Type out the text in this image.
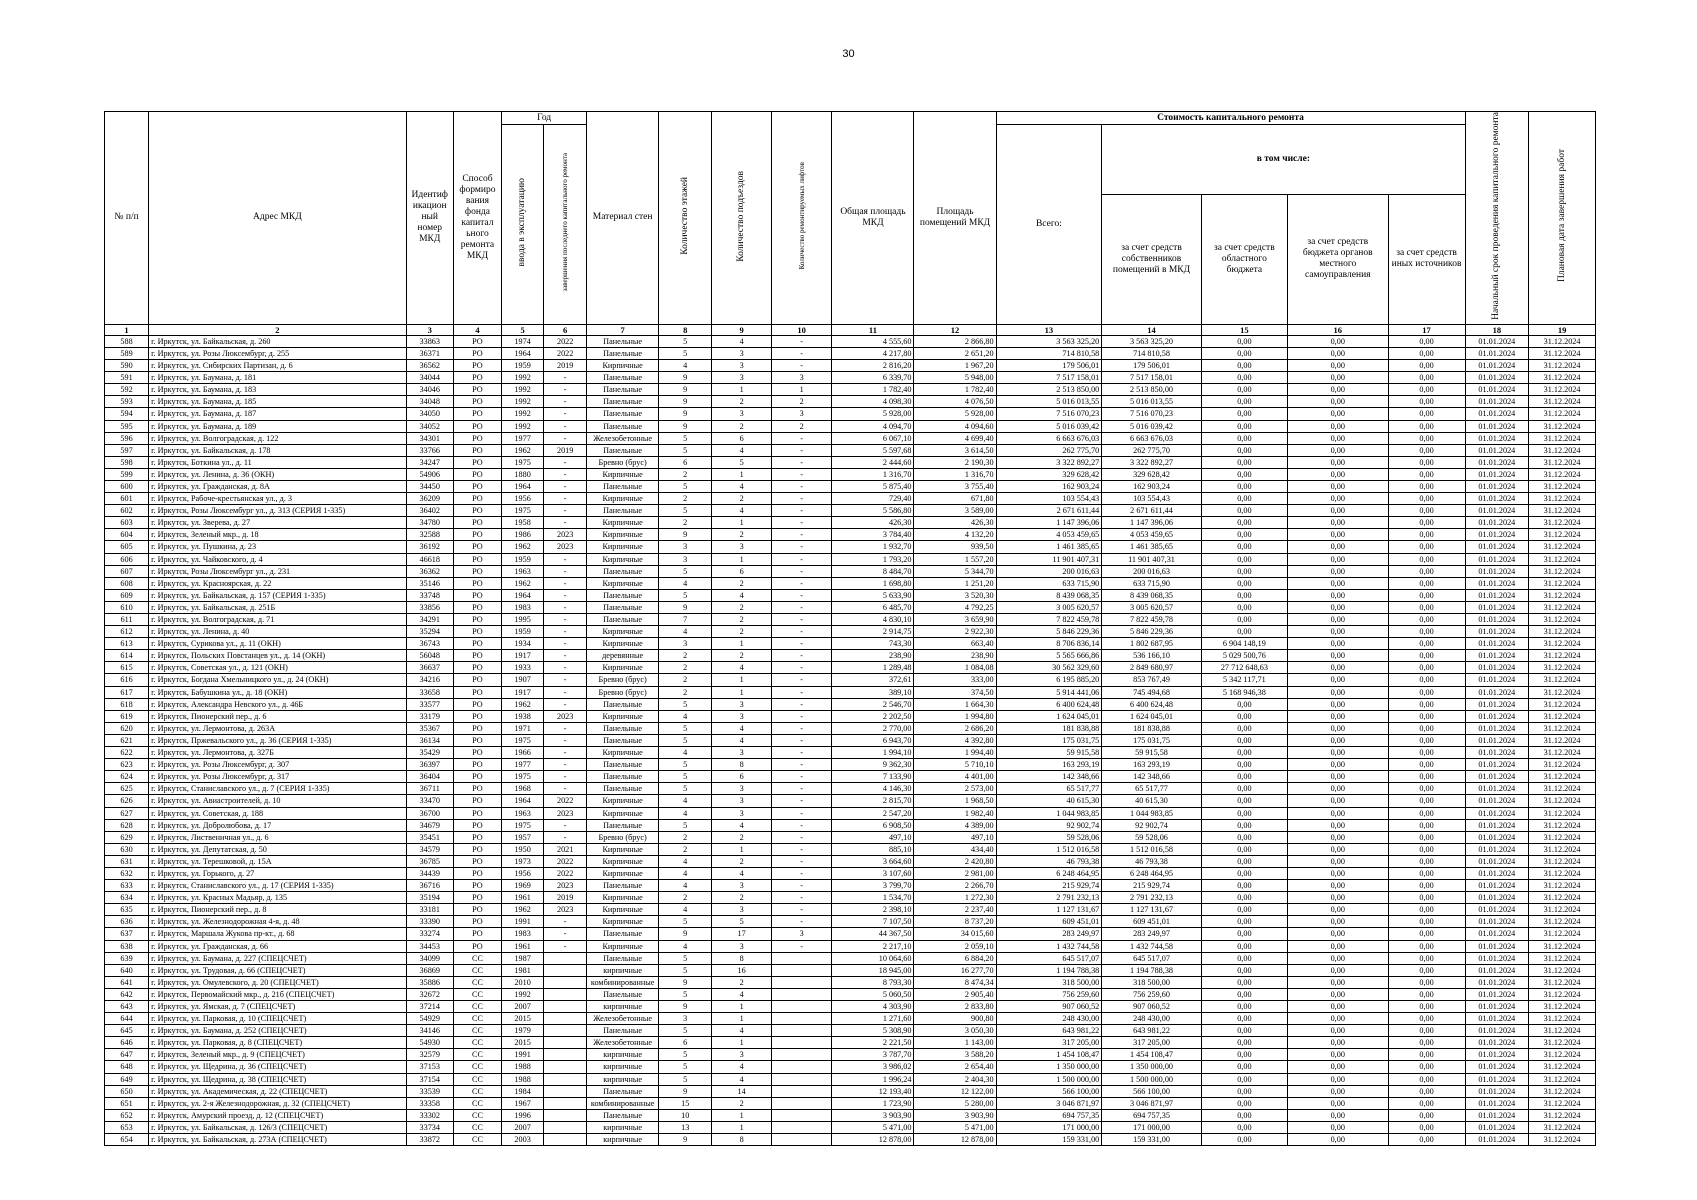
30
№ п/п	Адрес МКД	Идентиф икацион ный номер МКД	Способ формиро вания фонда капитал ьного ремонта МКД	Год		Материал стен	Количество этажей	Количество подъездов	Количество ремонтируемых лифтов	Общая площадь МКД	Площадь помещений МКД	Стоимость капитального ремонта					Начальный срок проведения капитального ремонта	Плановая дата завершения работ
				ввода в эксплуатацию	завершения последнего капитального ремонта							Всего:	в том числе:					
													за счет средств собственников помещений в МКД	за счет средств областного бюджета	за счет средств бюджета органов местного самоуправления	за счет средств иных источников		
1	2	3	4	5	6	7	8	9	10	11	12	13	14	15	16	17	18	19
588	г. Иркутск, ул. Байкальская, д. 260	33863	РО	1974	2022	Панельные	5	4	-	4 555,60	2 866,80	3 563 325,20	3 563 325,20	0,00	0,00	0,00	01.01.2024	31.12.2024
589	г. Иркутск, ул. Розы Люксембург, д. 255	36371	РО	1964	2022	Панельные	5	3	-	4 217,80	2 651,20	714 810,58	714 810,58	0,00	0,00	0,00	01.01.2024	31.12.2024
590	г. Иркутск, ул. Сибирских Партизан, д. 6	36562	РО	1959	2019	Кирпичные	4	3	-	2 816,20	1 967,20	179 506,01	179 506,01	0,00	0,00	0,00	01.01.2024	31.12.2024
591	г. Иркутск, ул. Баумана, д. 181	34044	РО	1992	-	Панельные	9	3	3	6 339,70	5 948,00	7 517 158,01	7 517 158,01	0,00	0,00	0,00	01.01.2024	31.12.2024
592	г. Иркутск, ул. Баумана, д. 183	34046	РО	1992	-	Панельные	9	1	1	1 782,40	1 782,40	2 513 850,00	2 513 850,00	0,00	0,00	0,00	01.01.2024	31.12.2024
593	г. Иркутск, ул. Баумана, д. 185	34048	РО	1992	-	Панельные	9	2	2	4 098,30	4 076,50	5 016 013,55	5 016 013,55	0,00	0,00	0,00	01.01.2024	31.12.2024
594	г. Иркутск, ул. Баумана, д. 187	34050	РО	1992	-	Панельные	9	3	3	5 928,00	5 928,00	7 516 070,23	7 516 070,23	0,00	0,00	0,00	01.01.2024	31.12.2024
595	г. Иркутск, ул. Баумана, д. 189	34052	РО	1992	-	Панельные	9	2	2	4 094,70	4 094,60	5 016 039,42	5 016 039,42	0,00	0,00	0,00	01.01.2024	31.12.2024
596	г. Иркутск, ул. Волгоградская, д. 122	34301	РО	1977	-	Железобетонные	5	6	-	6 067,10	4 699,40	6 663 676,03	6 663 676,03	0,00	0,00	0,00	01.01.2024	31.12.2024
597	г. Иркутск, ул. Байкальская, д. 178	33766	РО	1962	2019	Панельные	5	4	-	5 597,68	3 614,50	262 775,70	262 775,70	0,00	0,00	0,00	01.01.2024	31.12.2024
598	г. Иркутск, Боткина ул., д. 11	34247	РО	1975	-	Бревно (брус)	6	5	-	2 444,60	2 190,30	3 322 892,27	3 322 892,27	0,00	0,00	0,00	01.01.2024	31.12.2024
599	г. Иркутск, ул. Ленина, д. 36 (ОКН)	54906	РО	1880	-	Кирпичные	2	1	-	1 316,70	1 316,70	329 628,42	329 628,42	0,00	0,00	0,00	01.01.2024	31.12.2024
600	г. Иркутск, ул. Гражданская, д. 8А	34450	РО	1964	-	Панельные	5	4	-	5 875,40	3 755,40	162 903,24	162 903,24	0,00	0,00	0,00	01.01.2024	31.12.2024
601	г. Иркутск, Рабоче-крестьянская ул., д. 3	36209	РО	1956	-	Кирпичные	2	2	-	729,40	671,80	103 554,43	103 554,43	0,00	0,00	0,00	01.01.2024	31.12.2024
602	г. Иркутск, Розы Люксембург ул., д. 313 (СЕРИЯ 1-335)	36402	РО	1975	-	Панельные	5	4	-	5 586,80	3 589,00	2 671 611,44	2 671 611,44	0,00	0,00	0,00	01.01.2024	31.12.2024
603	г. Иркутск, ул. Зверева, д. 27	34780	РО	1958	-	Кирпичные	2	1	-	426,30	426,30	1 147 396,06	1 147 396,06	0,00	0,00	0,00	01.01.2024	31.12.2024
604	г. Иркутск, Зеленый мкр., д. 18	32588	РО	1986	2023	Кирпичные	9	2	-	3 784,40	4 132,20	4 053 459,65	4 053 459,65	0,00	0,00	0,00	01.01.2024	31.12.2024
605	г. Иркутск, ул. Пушкина, д. 23	36192	РО	1962	2023	Кирпичные	3	3	-	1 932,70	939,50	1 461 385,65	1 461 385,65	0,00	0,00	0,00	01.01.2024	31.12.2024
606	г. Иркутск, ул. Чайковского, д. 4	46618	РО	1959	-	Кирпичные	3	1	-	1 793,20	1 557,20	11 901 407,31	11 901 407,31	0,00	0,00	0,00	01.01.2024	31.12.2024
607	г. Иркутск, Розы Люксембург ул., д. 231	36362	РО	1963	-	Панельные	5	6	-	8 484,70	5 344,70	200 016,63	200 016,63	0,00	0,00	0,00	01.01.2024	31.12.2024
608	г. Иркутск, ул. Красноярская, д. 22	35146	РО	1962	-	Кирпичные	4	2	-	1 698,80	1 251,20	633 715,90	633 715,90	0,00	0,00	0,00	01.01.2024	31.12.2024
609	г. Иркутск, ул. Байкальская, д. 157 (СЕРИЯ 1-335)	33748	РО	1964	-	Панельные	5	4	-	5 633,90	3 520,30	8 439 068,35	8 439 068,35	0,00	0,00	0,00	01.01.2024	31.12.2024
610	г. Иркутск, ул. Байкальская, д. 251Б	33856	РО	1983	-	Панельные	9	2	-	6 485,70	4 792,25	3 005 620,57	3 005 620,57	0,00	0,00	0,00	01.01.2024	31.12.2024
611	г. Иркутск, ул. Волгоградская, д. 71	34291	РО	1995	-	Панельные	7	2	-	4 830,10	3 659,90	7 822 459,78	7 822 459,78	0,00	0,00	0,00	01.01.2024	31.12.2024
612	г. Иркутск, ул. Ленина, д. 40	35294	РО	1959	-	Кирпичные	4	2	-	2 914,75	2 922,30	5 846 229,36	5 846 229,36	0,00	0,00	0,00	01.01.2024	31.12.2024
613	г. Иркутск, Сурикова ул., д. 11 (ОКН)	36743	РО	1934	-	Кирпичные	3	1	-	743,30	663,40	8 706 836,14	1 802 687,95	6 904 148,19	0,00	0,00	01.01.2024	31.12.2024
614	г. Иркутск, Польских Повстанцев ул., д. 14 (ОКН)	56048	РО	1917	-	деревянные	2	2	-	238,90	238,90	5 565 666,86	536 166,10	5 029 500,76	0,00	0,00	01.01.2024	31.12.2024
615	г. Иркутск, Советская ул., д. 121 (ОКН)	36637	РО	1933	-	Кирпичные	2	4	-	1 289,48	1 084,08	30 562 329,60	2 849 680,97	27 712 648,63	0,00	0,00	01.01.2024	31.12.2024
616	г. Иркутск, Богдана Хмельницкого ул., д. 24 (ОКН)	34216	РО	1907	-	Бревно (брус)	2	1	-	372,61	333,00	6 195 885,20	853 767,49	5 342 117,71	0,00	0,00	01.01.2024	31.12.2024
617	г. Иркутск, Бабушкина ул., д. 18 (ОКН)	33658	РО	1917	-	Бревно (брус)	2	1	-	389,10	374,50	5 914 441,06	745 494,68	5 168 946,38	0,00	0,00	01.01.2024	31.12.2024
618	г. Иркутск, Александра Невского ул., д. 46Б	33577	РО	1962	-	Панельные	5	3	-	2 546,70	1 664,30	6 400 624,48	6 400 624,48	0,00	0,00	0,00	01.01.2024	31.12.2024
619	г. Иркутск, Пионерский пер., д. 6	33179	РО	1938	2023	Кирпичные	4	3	-	2 202,50	1 994,80	1 624 045,01	1 624 045,01	0,00	0,00	0,00	01.01.2024	31.12.2024
620	г. Иркутск, ул. Лермонтова, д. 263А	35367	РО	1971	-	Панельные	5	4	-	2 770,00	2 686,20	181 838,88	181 838,88	0,00	0,00	0,00	01.01.2024	31.12.2024
621	г. Иркутск, Пржевальского ул., д. 36 (СЕРИЯ 1-335)	36134	РО	1975	-	Панельные	5	4	-	6 943,70	4 392,80	175 031,75	175 031,75	0,00	0,00	0,00	01.01.2024	31.12.2024
622	г. Иркутск, ул. Лермонтова, д. 327Б	35429	РО	1966	-	Кирпичные	4	3	-	1 994,10	1 994,40	59 915,58	59 915,58	0,00	0,00	0,00	01.01.2024	31.12.2024
623	г. Иркутск, ул. Розы Люксембург, д. 307	36397	РО	1977	-	Панельные	5	8	-	9 362,30	5 710,10	163 293,19	163 293,19	0,00	0,00	0,00	01.01.2024	31.12.2024
624	г. Иркутск, ул. Розы Люксембург, д. 317	36404	РО	1975	-	Панельные	5	6	-	7 133,90	4 401,00	142 348,66	142 348,66	0,00	0,00	0,00	01.01.2024	31.12.2024
625	г. Иркутск, Станиславского ул., д. 7 (СЕРИЯ 1-335)	36711	РО	1968	-	Панельные	5	3	-	4 146,30	2 573,00	65 517,77	65 517,77	0,00	0,00	0,00	01.01.2024	31.12.2024
626	г. Иркутск, ул. Авиастроителей, д. 10	33470	РО	1964	2022	Кирпичные	4	3	-	2 815,70	1 968,50	40 615,30	40 615,30	0,00	0,00	0,00	01.01.2024	31.12.2024
627	г. Иркутск, ул. Советская, д. 188	36700	РО	1963	2023	Кирпичные	4	3	-	2 547,20	1 982,40	1 044 983,85	1 044 983,85	0,00	0,00	0,00	01.01.2024	31.12.2024
628	г. Иркутск, ул. Добролюбова, д. 17	34679	РО	1975	-	Панельные	5	4	-	6 908,50	4 389,00	92 902,74	92 902,74	0,00	0,00	0,00	01.01.2024	31.12.2024
629	г. Иркутск, Лиственичная ул., д. 6	35451	РО	1957	-	Бревно (брус)	2	2	-	497,10	497,10	59 528,06	59 528,06	0,00	0,00	0,00	01.01.2024	31.12.2024
630	г. Иркутск, ул. Депутатская, д. 50	34579	РО	1950	2021	Кирпичные	2	1	-	885,10	434,40	1 512 016,58	1 512 016,58	0,00	0,00	0,00	01.01.2024	31.12.2024
631	г. Иркутск, ул. Терешковой, д. 15А	36785	РО	1973	2022	Кирпичные	4	2	-	3 664,60	2 420,80	46 793,38	46 793,38	0,00	0,00	0,00	01.01.2024	31.12.2024
632	г. Иркутск, ул. Горького, д. 27	34439	РО	1956	2022	Кирпичные	4	4	-	3 107,60	2 981,00	6 248 464,95	6 248 464,95	0,00	0,00	0,00	01.01.2024	31.12.2024
633	г. Иркутск, Станиславского ул., д. 17 (СЕРИЯ 1-335)	36716	РО	1969	2023	Панельные	4	3	-	3 799,70	2 266,70	215 929,74	215 929,74	0,00	0,00	0,00	01.01.2024	31.12.2024
634	г. Иркутск, ул. Красных Мадьяр, д. 135	35194	РО	1961	2019	Кирпичные	2	2	-	1 534,70	1 272,30	2 791 232,13	2 791 232,13	0,00	0,00	0,00	01.01.2024	31.12.2024
635	г. Иркутск, Пионерский пер., д. 8	33181	РО	1962	2023	Кирпичные	4	3	-	2 398,10	2 237,40	1 127 131,67	1 127 131,67	0,00	0,00	0,00	01.01.2024	31.12.2024
636	г. Иркутск, ул. Железнодорожная 4-я, д. 48	33390	РО	1991	-	Кирпичные	5	5	-	7 107,50	8 737,20	609 451,01	609 451,01	0,00	0,00	0,00	01.01.2024	31.12.2024
637	г. Иркутск, Маршала Жукова пр-кт., д. 68	33274	РО	1983	-	Панельные	9	17	3	44 367,50	34 015,60	283 249,97	283 249,97	0,00	0,00	0,00	01.01.2024	31.12.2024
638	г. Иркутск, ул. Гражданская, д. 66	34453	РО	1961	-	Кирпичные	4	3	-	2 217,10	2 059,10	1 432 744,58	1 432 744,58	0,00	0,00	0,00	01.01.2024	31.12.2024
639	г. Иркутск, ул. Баумана, д. 227 (СПЕЦСЧЕТ)	34099	СС	1987		Панельные	5	8		10 064,60	6 884,20	645 517,07	645 517,07	0,00	0,00	0,00	01.01.2024	31.12.2024
640	г. Иркутск, ул. Трудовая, д. 66 (СПЕЦСЧЕТ)	36869	СС	1981		кирпичные	5	16		18 945,00	16 277,70	1 194 788,38	1 194 788,38	0,00	0,00	0,00	01.01.2024	31.12.2024
641	г. Иркутск, ул. Омулевского, д. 20 (СПЕЦСЧЕТ)	35886	СС	2010		комбинированные	9	2		8 793,30	8 474,34	318 500,00	318 500,00	0,00	0,00	0,00	01.01.2024	31.12.2024
642	г. Иркутск, Первомайский мкр., д. 21б (СПЕЦСЧЕТ)	32672	СС	1992		Панельные	5	4		5 060,50	2 905,40	756 259,60	756 259,60	0,00	0,00	0,00	01.01.2024	31.12.2024
643	г. Иркутск, ул. Ямская, д. 7 (СПЕЦСЧЕТ)	37214	СС	2007		кирпичные	9	1		4 303,90	2 833,80	907 060,52	907 060,52	0,00	0,00	0,00	01.01.2024	31.12.2024
644	г. Иркутск, ул. Парковая, д. 10 (СПЕЦСЧЕТ)	54929	СС	2015		Железобетонные	3	1		1 271,60	900,80	248 430,00	248 430,00	0,00	0,00	0,00	01.01.2024	31.12.2024
645	г. Иркутск, ул. Баумана, д. 252 (СПЕЦСЧЕТ)	34146	СС	1979		Панельные	5	4		5 308,90	3 050,30	643 981,22	643 981,22	0,00	0,00	0,00	01.01.2024	31.12.2024
646	г. Иркутск, ул. Парковая, д. 8 (СПЕЦСЧЕТ)	54930	СС	2015		Железобетонные	6	1		2 221,50	1 143,00	317 205,00	317 205,00	0,00	0,00	0,00	01.01.2024	31.12.2024
647	г. Иркутск, Зеленый мкр., д. 9 (СПЕЦСЧЕТ)	32579	СС	1991		кирпичные	5	3		3 787,70	3 588,20	1 454 108,47	1 454 108,47	0,00	0,00	0,00	01.01.2024	31.12.2024
648	г. Иркутск, ул. Щедрина, д. 36 (СПЕЦСЧЕТ)	37153	СС	1988		кирпичные	5	4		3 986,02	2 654,40	1 350 000,00	1 350 000,00	0,00	0,00	0,00	01.01.2024	31.12.2024
649	г. Иркутск, ул. Щедрина, д. 38 (СПЕЦСЧЕТ)	37154	СС	1988		кирпичные	5	4		1 996,24	2 404,30	1 500 000,00	1 500 000,00	0,00	0,00	0,00	01.01.2024	31.12.2024
650	г. Иркутск, ул. Академическая, д. 22 (СПЕЦСЧЕТ)	33539	СС	1984		Панельные	9	14		12 193,40	12 122,00	566 100,00	566 100,00	0,00	0,00	0,00	01.01.2024	31.12.2024
651	г. Иркутск, ул. 2-я Железнодорожная, д. 32 (СПЕЦСЧЕТ)	33358	СС	1967		комбинированные	15	2		1 723,90	5 280,00	3 046 871,97	3 046 871,97	0,00	0,00	0,00	01.01.2024	31.12.2024
652	г. Иркутск, Амурский проезд, д. 12 (СПЕЦСЧЕТ)	33302	СС	1996		Панельные	10	1		3 903,90	3 903,90	694 757,35	694 757,35	0,00	0,00	0,00	01.01.2024	31.12.2024
653	г. Иркутск, ул. Байкальская, д. 126/3 (СПЕЦСЧЕТ)	33734	СС	2007		кирпичные	13	1		5 471,00	5 471,00	171 000,00	171 000,00	0,00	0,00	0,00	01.01.2024	31.12.2024
654	г. Иркутск, ул. Байкальская, д. 273А (СПЕЦСЧЕТ)	33872	СС	2003		кирпичные	9	8		12 878,00	12 878,00	159 331,00	159 331,00	0,00	0,00	0,00	01.01.2024	31.12.2024
